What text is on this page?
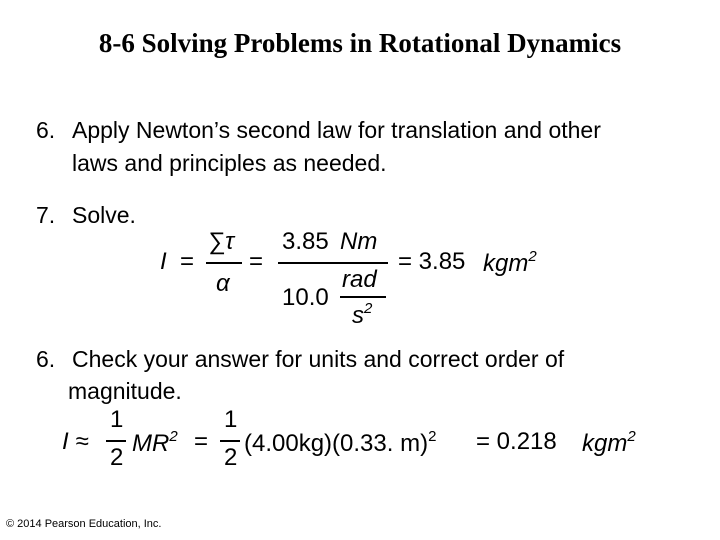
8-6 Solving Problems in Rotational Dynamics
6. Apply Newton’s second law for translation and other
laws and principles as needed.
7. Solve.
I =
∑τ
α
=
3.85 Nm
10.0
rad
$s^2$
= 3.85 kgm$^2$
6. Check your answer for units and correct order of
magnitude.
I ≈
1
2
$MR^2$ =
1
2
(4.00kg)(0.33. m)$^2$ = 0.218 kgm$^2$
© 2014 Pearson Education, Inc.
